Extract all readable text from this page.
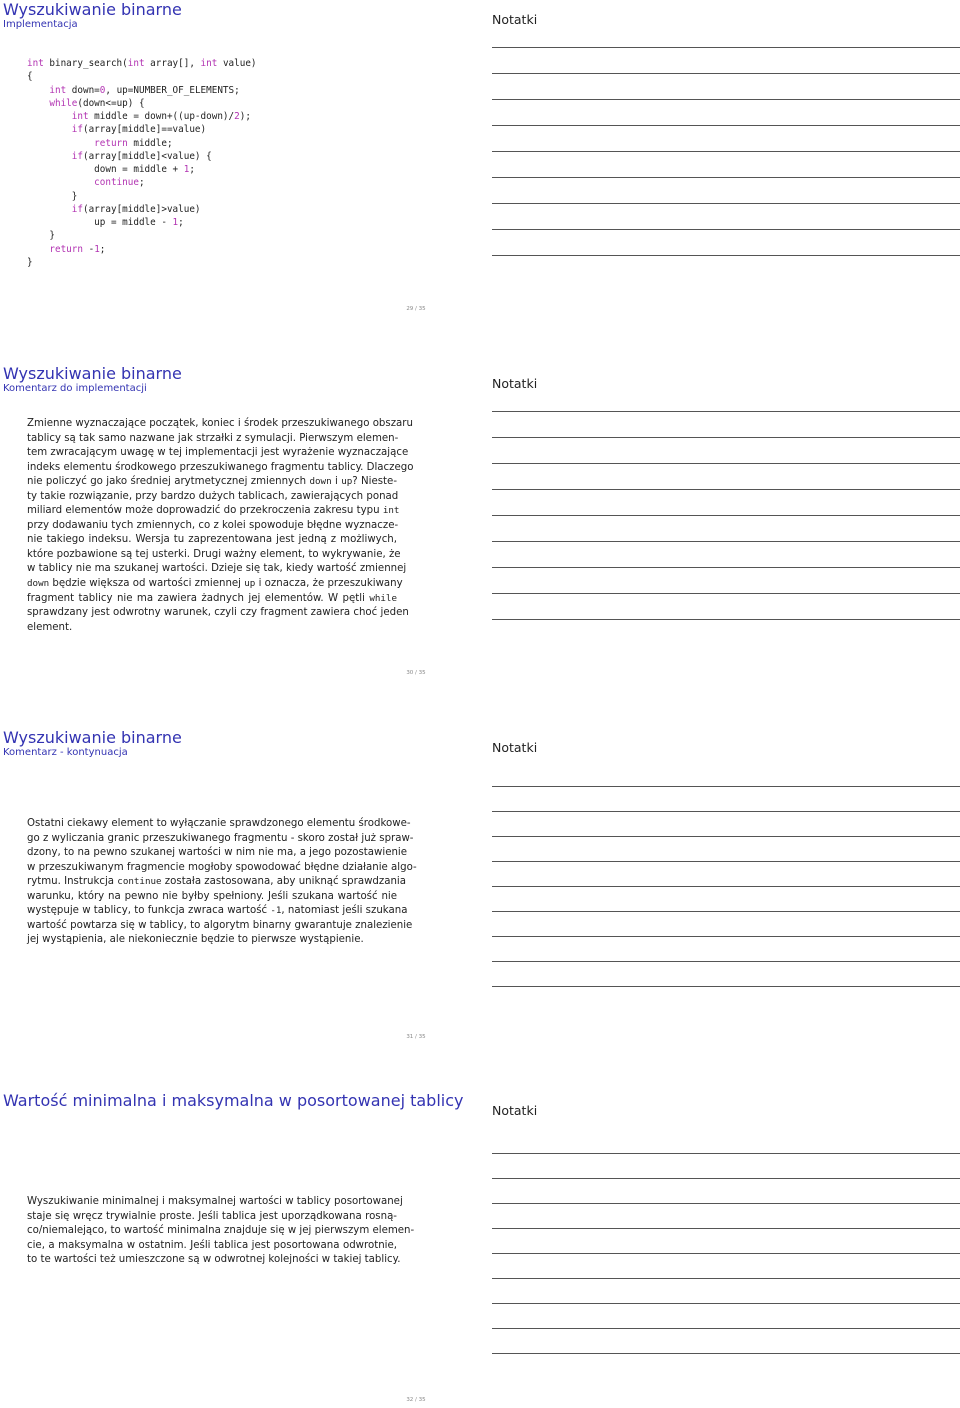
Wyszukiwanie binarne
Implementacja	Notatki
int binary_search(int array[], int value)
{
int down=0, up=NUMBER_OF_ELEMENTS;
while(down<=up) {
int middle = down+((up-down)/2);
if(array[middle]==value)
return middle;
if(array[middle]<value) {
down = middle + 1;
continue;
}
if(array[middle]>value)
up = middle - 1;
}
return -1;
}
29 / 35
Wyszukiwanie binarne
Komentarz do implementacji	Notatki
Zmienne wyznaczające początek, koniec i środek przeszukiwanego obszaru
tablicy są tak samo nazwane jak strzałki z symulacji. Pierwszym elemen-
tem zwracającym uwagę w tej implementacji jest wyrażenie wyznaczające
indeks elementu środkowego przeszukiwanego fragmentu tablicy. Dlaczego
nie policzyć go jako średniej arytmetycznej zmiennych down i up? Nieste-
ty takie rozwiązanie, przy bardzo dużych tablicach, zawierających ponad
miliard elementów może doprowadzić do przekroczenia zakresu typu int
przy dodawaniu tych zmiennych, co z kolei spowoduje błędne wyznacze-
nie takiego indeksu. Wersja tu zaprezentowana jest jedną z możliwych,
które pozbawione są tej usterki. Drugi ważny element, to wykrywanie, że
w tablicy nie ma szukanej wartości. Dzieje się tak, kiedy wartość zmiennej
down będzie większa od wartości zmiennej up i oznacza, że przeszukiwany
fragment tablicy nie ma zawiera żadnych jej elementów. W pętli while
sprawdzany jest odwrotny warunek, czyli czy fragment zawiera choć jeden
element.
30 / 35
Wyszukiwanie binarne
Komentarz - kontynuacja	Notatki
Ostatni ciekawy element to wyłączanie sprawdzonego elementu środkowe-
go z wyliczania granic przeszukiwanego fragmentu - skoro został już spraw-
dzony, to na pewno szukanej wartości w nim nie ma, a jego pozostawienie
w przeszukiwanym fragmencie mogłoby spowodować błędne działanie algo-
rytmu. Instrukcja continue została zastosowana, aby uniknąć sprawdzania
warunku, który na pewno nie byłby spełniony. Jeśli szukana wartość nie
występuje w tablicy, to funkcja zwraca wartość -1, natomiast jeśli szukana
wartość powtarza się w tablicy, to algorytm binarny gwarantuje znalezienie
jej wystąpienia, ale niekoniecznie będzie to pierwsze wystąpienie.
31 / 35
Wartość minimalna i maksymalna w posortowanej tablicy
Notatki
Wyszukiwanie minimalnej i maksymalnej wartości w tablicy posortowanej
staje się wręcz trywialnie proste. Jeśli tablica jest uporządkowana rosną-
co/niemalejąco, to wartość minimalna znajduje się w jej pierwszym elemen-
cie, a maksymalna w ostatnim. Jeśli tablica jest posortowana odwrotnie,
to te wartości też umieszczone są w odwrotnej kolejności w takiej tablicy.
32 / 35
